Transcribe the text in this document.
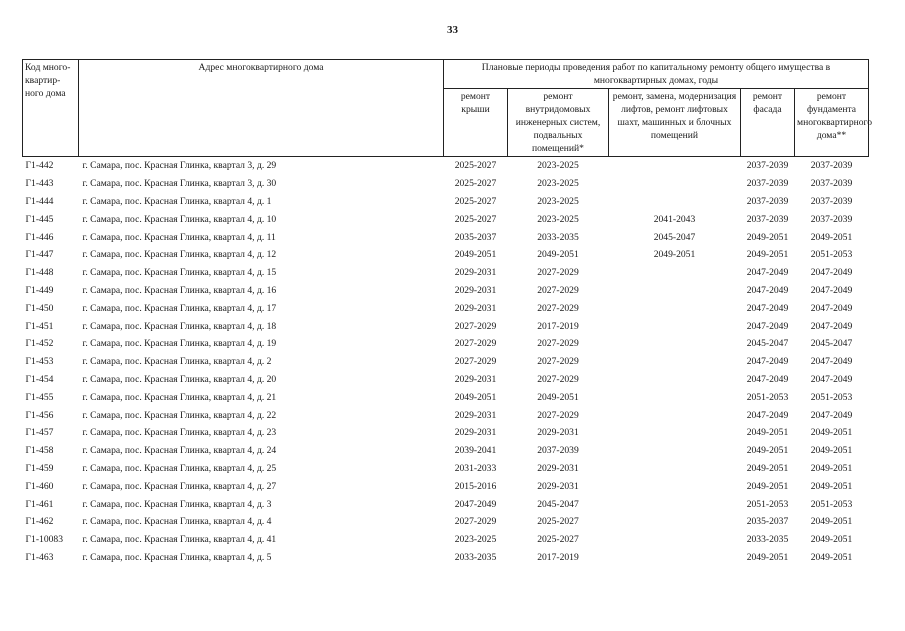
33
Код много-квартир-ного дома	Адрес многоквартирного дома	Плановые периоды проведения работ по капитальному ремонту общего имущества в многоквартирных домах, годы				
		ремонт крыши	ремонт внутридомовых инженерных систем, подвальных помещений*	ремонт, замена, модернизация лифтов, ремонт лифтовых шахт, машинных и блочных помещений	ремонт фасада	ремонт фундамента многоквартирного дома**
Г1-442	г. Самара, пос. Красная Глинка, квартал 3, д. 29	2025-2027	2023-2025		2037-2039	2037-2039
Г1-443	г. Самара, пос. Красная Глинка, квартал 3, д. 30	2025-2027	2023-2025		2037-2039	2037-2039
Г1-444	г. Самара, пос. Красная Глинка, квартал 4, д. 1	2025-2027	2023-2025		2037-2039	2037-2039
Г1-445	г. Самара, пос. Красная Глинка, квартал 4, д. 10	2025-2027	2023-2025	2041-2043	2037-2039	2037-2039
Г1-446	г. Самара, пос. Красная Глинка, квартал 4, д. 11	2035-2037	2033-2035	2045-2047	2049-2051	2049-2051
Г1-447	г. Самара, пос. Красная Глинка, квартал 4, д. 12	2049-2051	2049-2051	2049-2051	2049-2051	2051-2053
Г1-448	г. Самара, пос. Красная Глинка, квартал 4, д. 15	2029-2031	2027-2029		2047-2049	2047-2049
Г1-449	г. Самара, пос. Красная Глинка, квартал 4, д. 16	2029-2031	2027-2029		2047-2049	2047-2049
Г1-450	г. Самара, пос. Красная Глинка, квартал 4, д. 17	2029-2031	2027-2029		2047-2049	2047-2049
Г1-451	г. Самара, пос. Красная Глинка, квартал 4, д. 18	2027-2029	2017-2019		2047-2049	2047-2049
Г1-452	г. Самара, пос. Красная Глинка, квартал 4, д. 19	2027-2029	2027-2029		2045-2047	2045-2047
Г1-453	г. Самара, пос. Красная Глинка, квартал 4, д. 2	2027-2029	2027-2029		2047-2049	2047-2049
Г1-454	г. Самара, пос. Красная Глинка, квартал 4, д. 20	2029-2031	2027-2029		2047-2049	2047-2049
Г1-455	г. Самара, пос. Красная Глинка, квартал 4, д. 21	2049-2051	2049-2051		2051-2053	2051-2053
Г1-456	г. Самара, пос. Красная Глинка, квартал 4, д. 22	2029-2031	2027-2029		2047-2049	2047-2049
Г1-457	г. Самара, пос. Красная Глинка, квартал 4, д. 23	2029-2031	2029-2031		2049-2051	2049-2051
Г1-458	г. Самара, пос. Красная Глинка, квартал 4, д. 24	2039-2041	2037-2039		2049-2051	2049-2051
Г1-459	г. Самара, пос. Красная Глинка, квартал 4, д. 25	2031-2033	2029-2031		2049-2051	2049-2051
Г1-460	г. Самара, пос. Красная Глинка, квартал 4, д. 27	2015-2016	2029-2031		2049-2051	2049-2051
Г1-461	г. Самара, пос. Красная Глинка, квартал 4, д. 3	2047-2049	2045-2047		2051-2053	2051-2053
Г1-462	г. Самара, пос. Красная Глинка, квартал 4, д. 4	2027-2029	2025-2027		2035-2037	2049-2051
Г1-10083	г. Самара, пос. Красная Глинка, квартал 4, д. 41	2023-2025	2025-2027		2033-2035	2049-2051
Г1-463	г. Самара, пос. Красная Глинка, квартал 4, д. 5	2033-2035	2017-2019		2049-2051	2049-2051
